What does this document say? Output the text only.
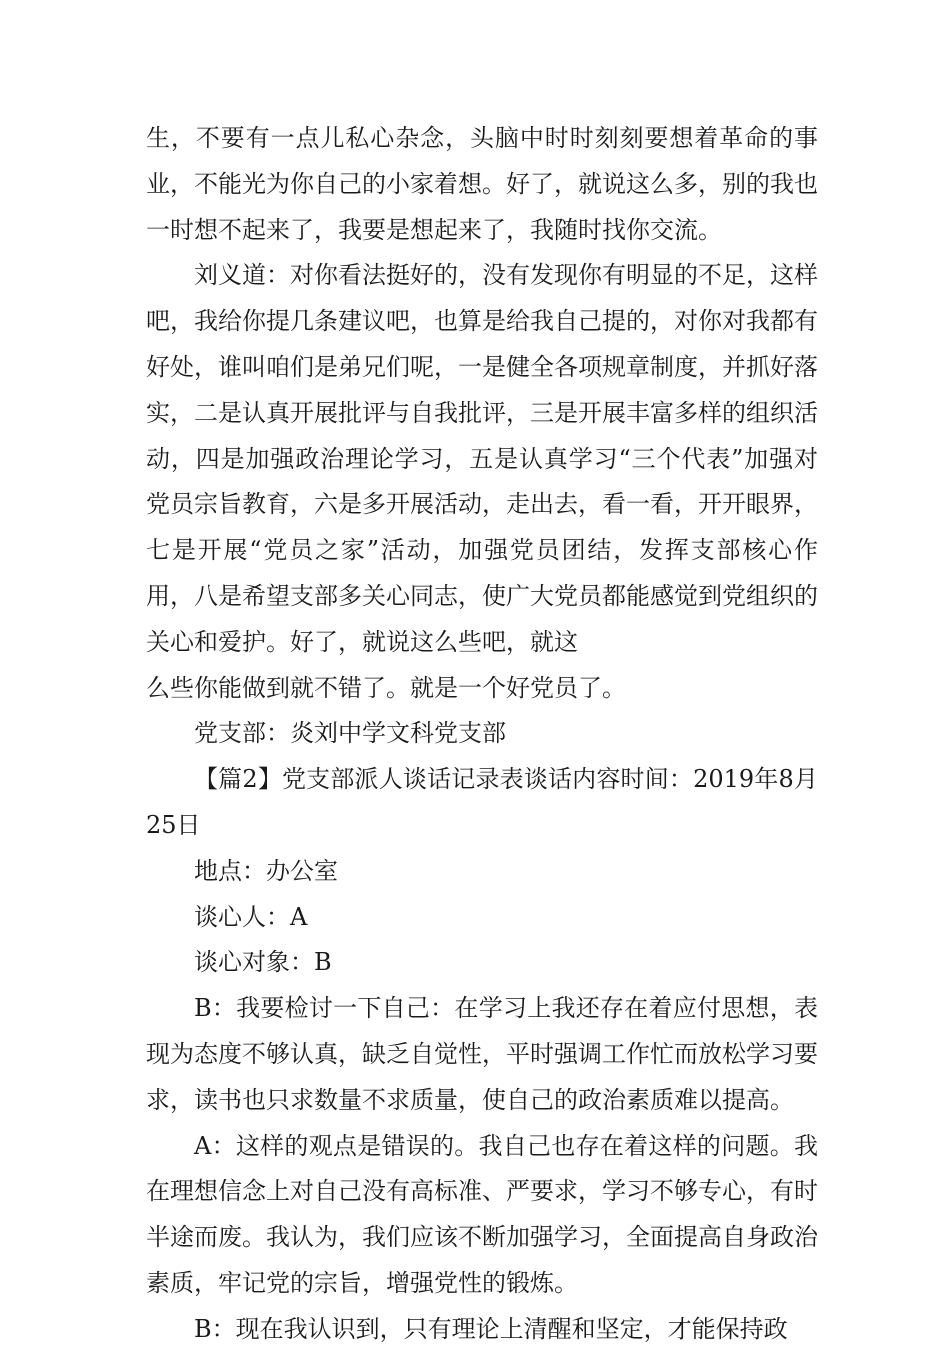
生，不要有一点儿私心杂念，头脑中时时刻刻要想着革命的事业，不能光为你自己的小家着想。好了，就说这么多，别的我也一时想不起来了，我要是想起来了，我随时找你交流。

刘义道：对你看法挺好的，没有发现你有明显的不足，这样吧，我给你提几条建议吧，也算是给我自己提的，对你对我都有好处，谁叫咱们是弟兄们呢，一是健全各项规章制度，并抓好落实，二是认真开展批评与自我批评，三是开展丰富多样的组织活动，四是加强政治理论学习，五是认真学习“三个代表”加强对党员宗旨教育，六是多开展活动，走出去，看一看，开开眼界，七是开展“党员之家”活动，加强党员团结，发挥支部核心作用，八是希望支部多关心同志，使广大党员都能感觉到党组织的关心和爱护。好了，就说这么些吧，就这

么些你能做到就不错了。就是一个好党员了。

党支部：炎刘中学文科党支部

【篇2】党支部派人谈话记录表谈话内容时间：2019年8月25日

地点：办公室

谈心人：A

谈心对象：B

B：我要检讨一下自己：在学习上我还存在着应付思想，表现为态度不够认真，缺乏自觉性，平时强调工作忙而放松学习要求，读书也只求数量不求质量，使自己的政治素质难以提高。

A：这样的观点是错误的。我自己也存在着这样的问题。我在理想信念上对自己没有高标准、严要求，学习不够专心，有时半途而废。我认为，我们应该不断加强学习，全面提高自身政治素质，牢记党的宗旨，增强党性的锻炼。

B：现在我认识到，只有理论上清醒和坚定，才能保持政
